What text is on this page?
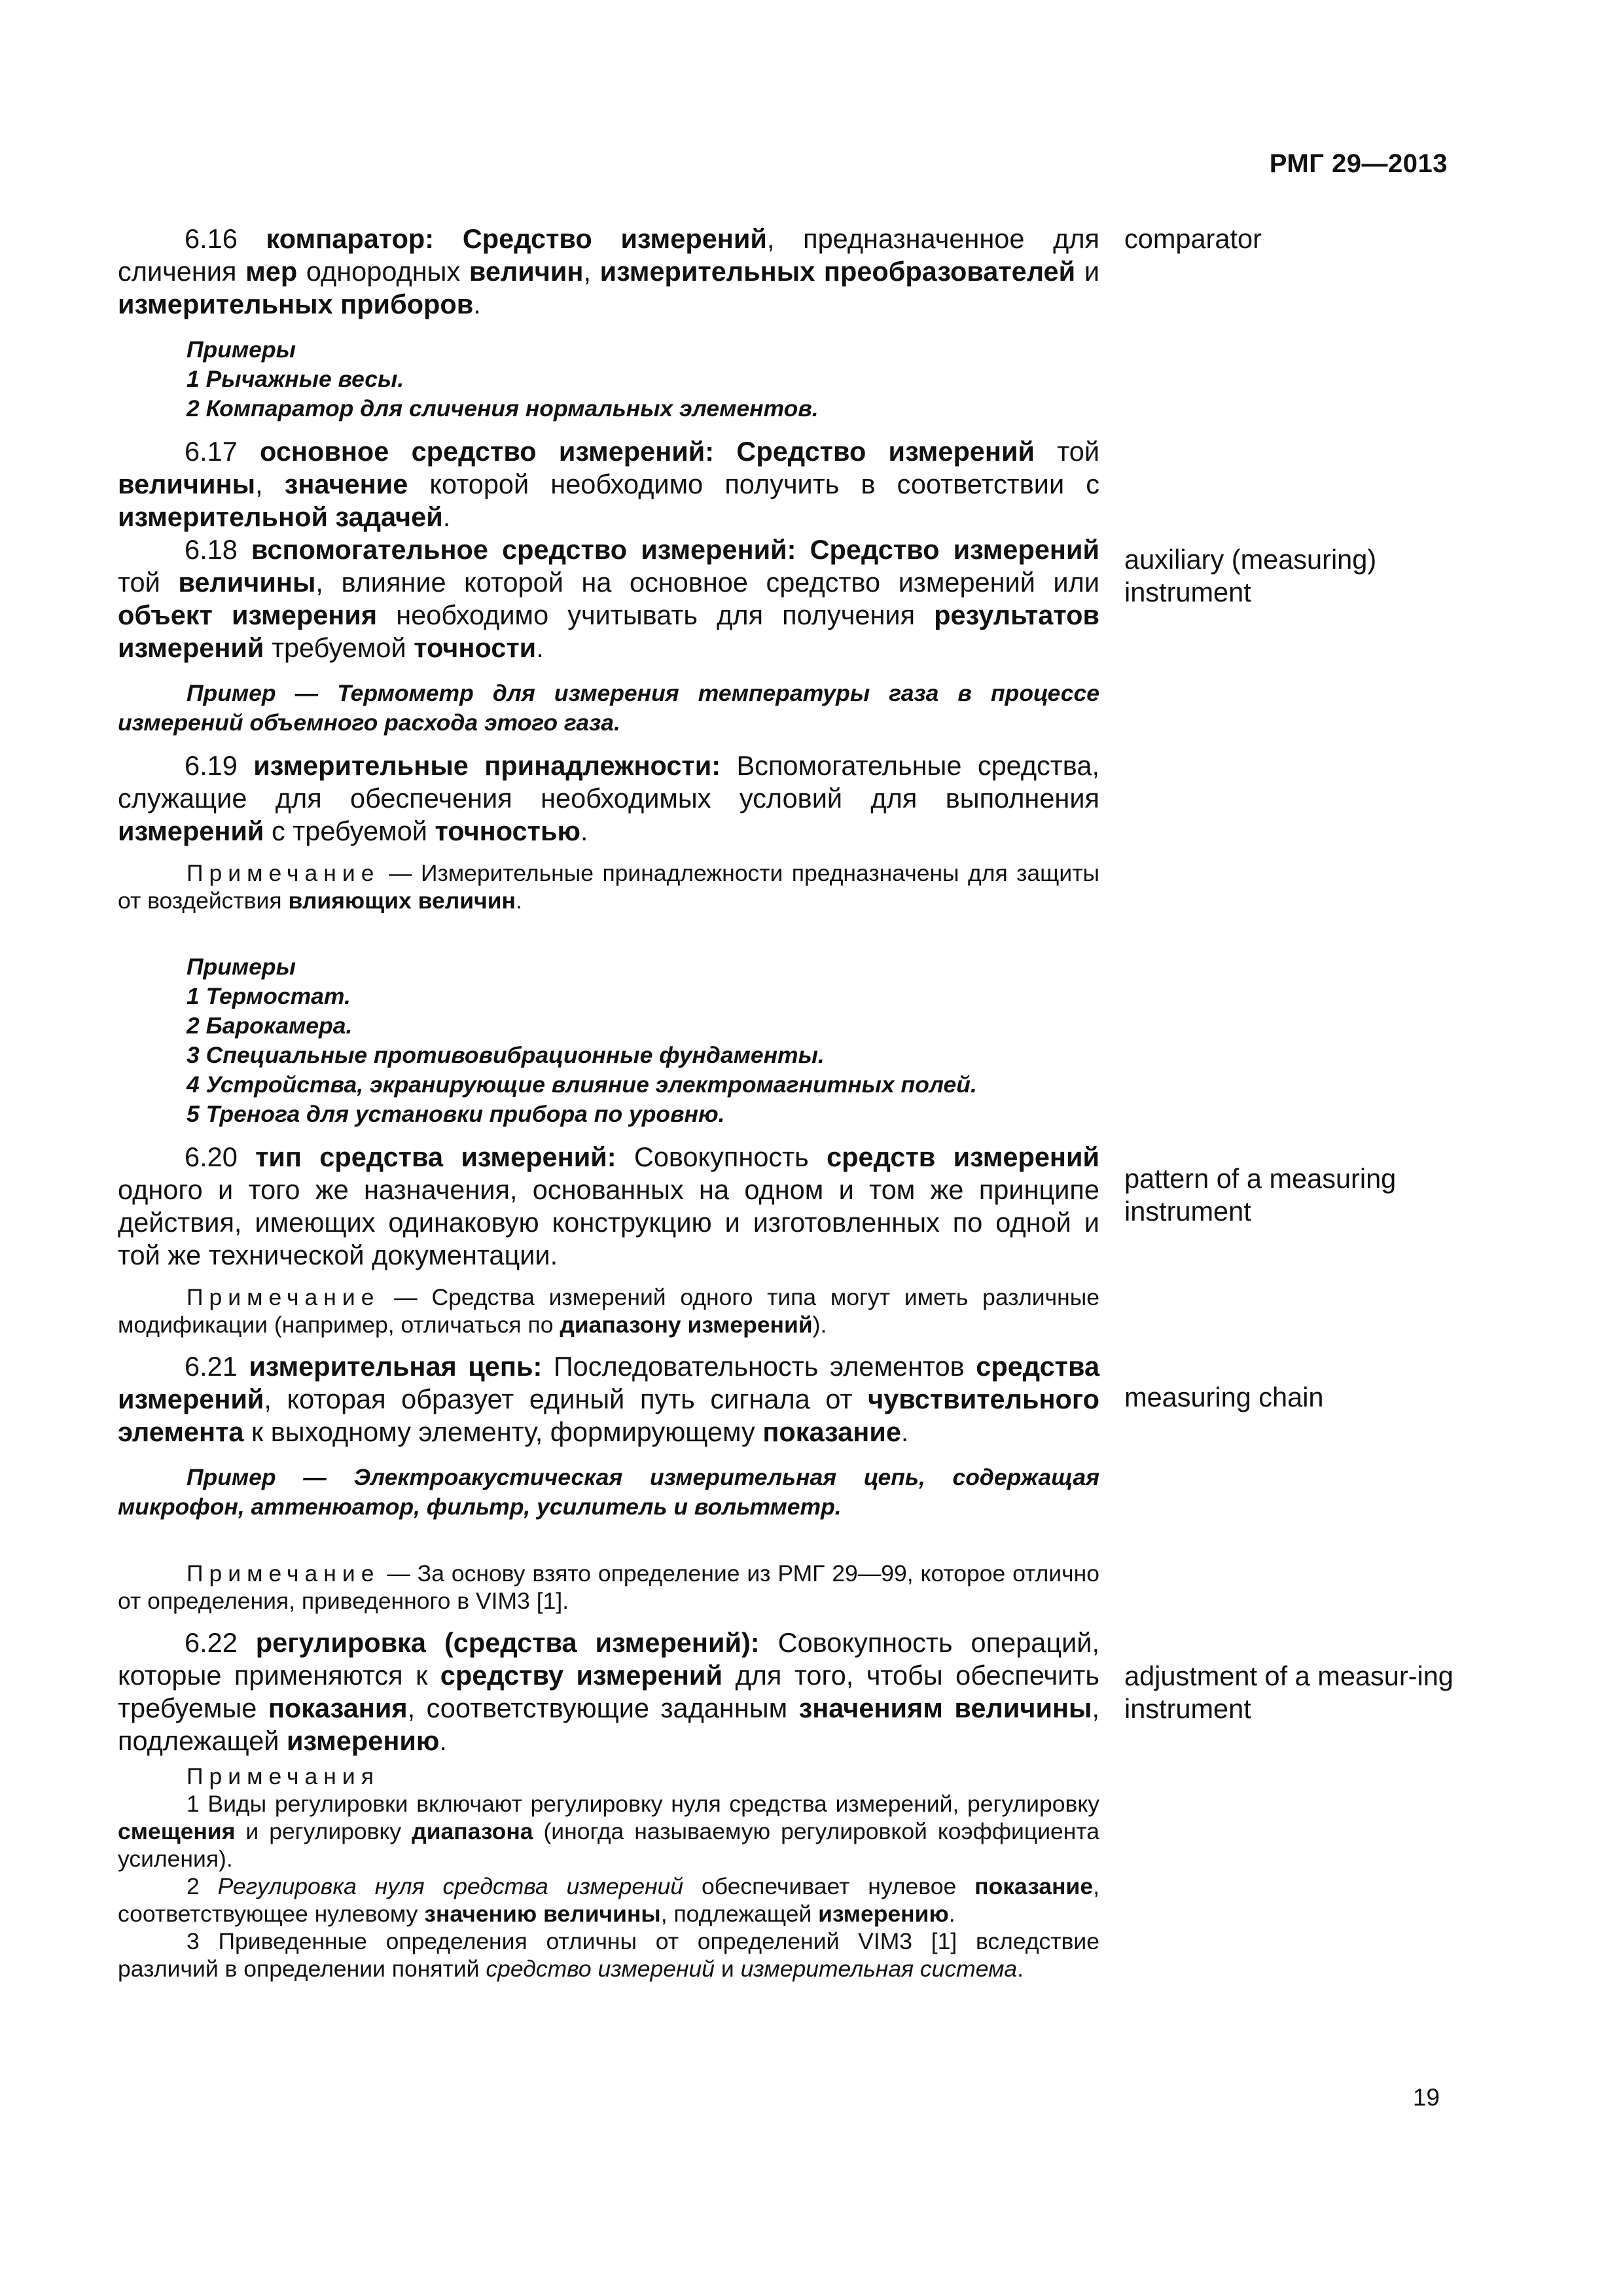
РМГ 29—2013
comparator
auxiliary (measuring) instrument
pattern of a measuring instrument
measuring chain
adjustment of a measur-ing instrument

6.16 компаратор: Средство измерений, предназначенное для сличения мер однородных величин, измерительных преобразователей и измерительных приборов.

Примеры
1 Рычажные весы.
2 Компаратор для сличения нормальных элементов.

6.17 основное средство измерений: Средство измерений той величины, значение которой необходимо получить в соответствии с измерительной задачей.

6.18 вспомогательное средство измерений: Средство измерений той величины, влияние которой на основное средство измерений или объект измерения необходимо учитывать для получения результатов измерений требуемой точности.

Пример — Термометр для измерения температуры газа в процессе измерений объемного расхода этого газа.

6.19 измерительные принадлежности: Вспомогательные средства, служащие для обеспечения необходимых условий для выполнения измерений с требуемой точностью.

Примечание — Измерительные принадлежности предназначены для защиты от воздействия влияющих величин.
Примеры
1 Термостат.
2 Барокамера.
3 Специальные противовибрационные фундаменты.
4 Устройства, экранирующие влияние электромагнитных полей.
5 Тренога для установки прибора по уровню.

6.20 тип средства измерений: Совокупность средств измерений одного и того же назначения, основанных на одном и том же принципе действия, имеющих одинаковую конструкцию и изготовленных по одной и той же технической документации.

Примечание — Средства измерений одного типа могут иметь различные модификации (например, отличаться по диапазону измерений).

6.21 измерительная цепь: Последовательность элементов средства измерений, которая образует единый путь сигнала от чувствительного элемента к выходному элементу, формирующему показание.

Пример — Электроакустическая измерительная цепь, содержащая микрофон, аттенюатор, фильтр, усилитель и вольтметр.
Примечание — За основу взято определение из РМГ 29—99, которое отлично от определения, приведенного в VIM3 [1].

6.22 регулировка (средства измерений): Совокупность операций, которые применяются к средству измерений для того, чтобы обеспечить требуемые показания, соответствующие заданным значениям величины, подлежащей измерению.

Примечания
1 Виды регулировки включают регулировку нуля средства измерений, регулировку смещения и регулировку диапазона (иногда называемую регулировкой коэффициента усиления).
2 Регулировка нуля средства измерений обеспечивает нулевое показание, соответствующее нулевому значению величины, подлежащей измерению.
3 Приведенные определения отличны от определений VIM3 [1] вследствие различий в определении понятий средство измерений и измерительная система.
19
